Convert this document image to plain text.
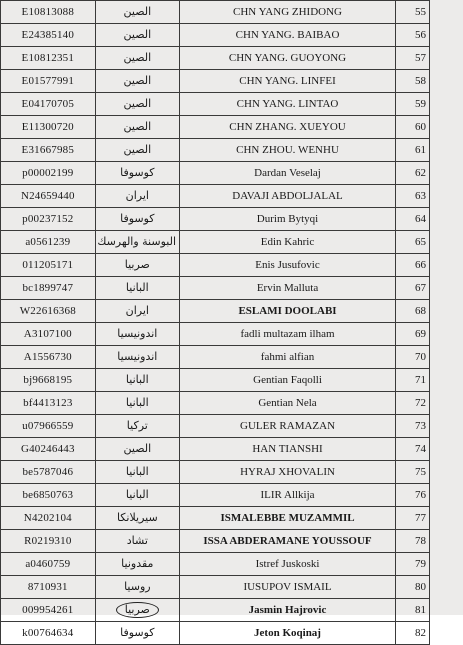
E10813088	الصين	CHN YANG ZHIDONG	55
E24385140	الصين	CHN YANG. BAIBAO	56
E10812351	الصين	CHN YANG. GUOYONG	57
E01577991	الصين	CHN YANG. LINFEI	58
E04170705	الصين	CHN YANG. LINTAO	59
E11300720	الصين	CHN ZHANG. XUEYOU	60
E31667985	الصين	CHN ZHOU. WENHU	61
p00002199	كوسوفا	Dardan Veselaj	62
N24659440	ايران	DAVAJI ABDOLJALAL	63
p00237152	كوسوفا	Durim Bytyqi	64
a0561239	البوسنة والهرسك	Edin Kahric	65
011205171	صربيا	Enis Jusufovic	66
bc1899747	البانيا	Ervin Malluta	67
W22616368	ايران	ESLAMI DOOLABI	68
A3107100	اندونيسيا	fadli multazam ilham	69
A1556730	اندونيسيا	fahmi alfian	70
bj9668195	البانيا	Gentian Faqolli	71
bf4413123	البانيا	Gentian Nela	72
u07966559	تركيا	GULER RAMAZAN	73
G40246443	الصين	HAN TIANSHI	74
be5787046	البانيا	HYRAJ XHOVALIN	75
be6850763	البانيا	ILIR Allkija	76
N4202104	سيريلانكا	ISMALEBBE MUZAMMIL	77
R0219310	تشاد	ISSA ABDERAMANE YOUSSOUF	78
a0460759	مقدونيا	Istref Juskoski	79
8710931	روسيا	IUSUPOV ISMAIL	80
009954261	صربيا	Jasmin Hajrovic	81
k00764634	كوسوفا	Jeton Koqinaj	82
